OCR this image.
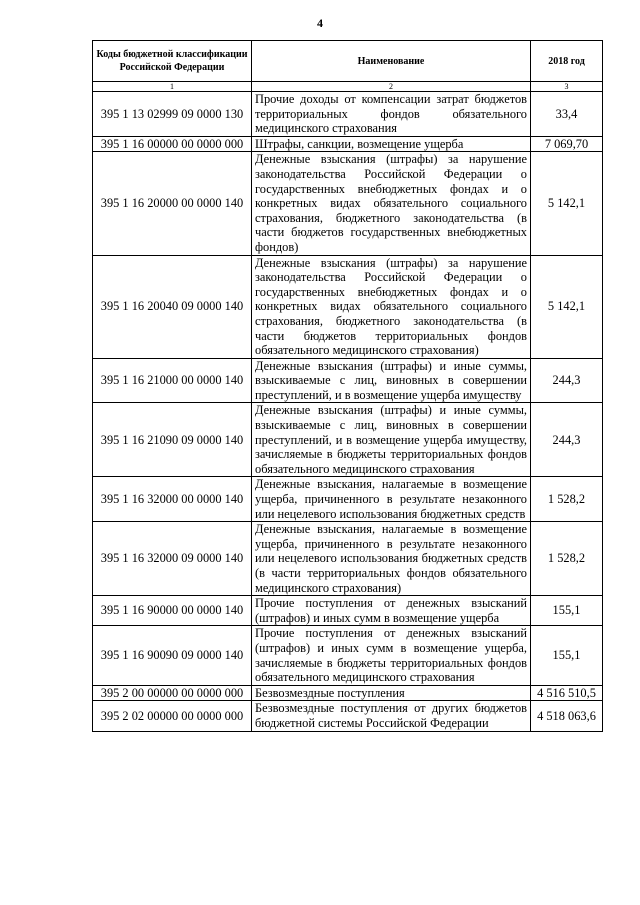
4
Коды бюджетной классификации Российской Федерации	Наименование	2018 год
1	2	3
395 1 13 02999 09 0000 130	Прочие доходы от компенсации затрат бюджетов территориальных фондов обязательного медицинского страхования	33,4
395 1 16 00000 00 0000 000	Штрафы, санкции, возмещение ущерба	7 069,70
395 1 16 20000 00 0000 140	Денежные взыскания (штрафы) за нарушение законодательства Российской Федерации о государственных внебюджетных фондах и о конкретных видах обязательного социального страхования, бюджетного законодательства (в части бюджетов государственных внебюджетных фондов)	5 142,1
395 1 16 20040 09 0000 140	Денежные взыскания (штрафы) за нарушение законодательства Российской Федерации о государственных внебюджетных фондах и о конкретных видах обязательного социального страхования, бюджетного законодательства (в части бюджетов территориальных фондов обязательного медицинского страхования)	5 142,1
395 1 16 21000 00 0000 140	Денежные взыскания (штрафы) и иные суммы, взыскиваемые с лиц, виновных в совершении преступлений, и в возмещение ущерба имуществу	244,3
395 1 16 21090 09 0000 140	Денежные взыскания (штрафы) и иные суммы, взыскиваемые с лиц, виновных в совершении преступлений, и в возмещение ущерба имуществу, зачисляемые в бюджеты территориальных фондов обязательного медицинского страхования	244,3
395 1 16 32000 00 0000 140	Денежные взыскания, налагаемые в возмещение ущерба, причиненного в результате незаконного или нецелевого использования бюджетных средств	1 528,2
395 1 16 32000 09 0000 140	Денежные взыскания, налагаемые в возмещение ущерба, причиненного в результате незаконного или нецелевого использования бюджетных средств (в части территориальных фондов обязательного медицинского страхования)	1 528,2
395 1 16 90000 00 0000 140	Прочие поступления от денежных взысканий (штрафов) и иных сумм в возмещение ущерба	155,1
395 1 16 90090 09 0000 140	Прочие поступления от денежных взысканий (штрафов) и иных сумм в возмещение ущерба, зачисляемые в бюджеты территориальных фондов обязательного медицинского страхования	155,1
395 2 00 00000 00 0000 000	Безвозмездные поступления	4 516 510,5
395 2 02 00000 00 0000 000	Безвозмездные поступления от других бюджетов бюджетной системы Российской Федерации	4 518 063,6
